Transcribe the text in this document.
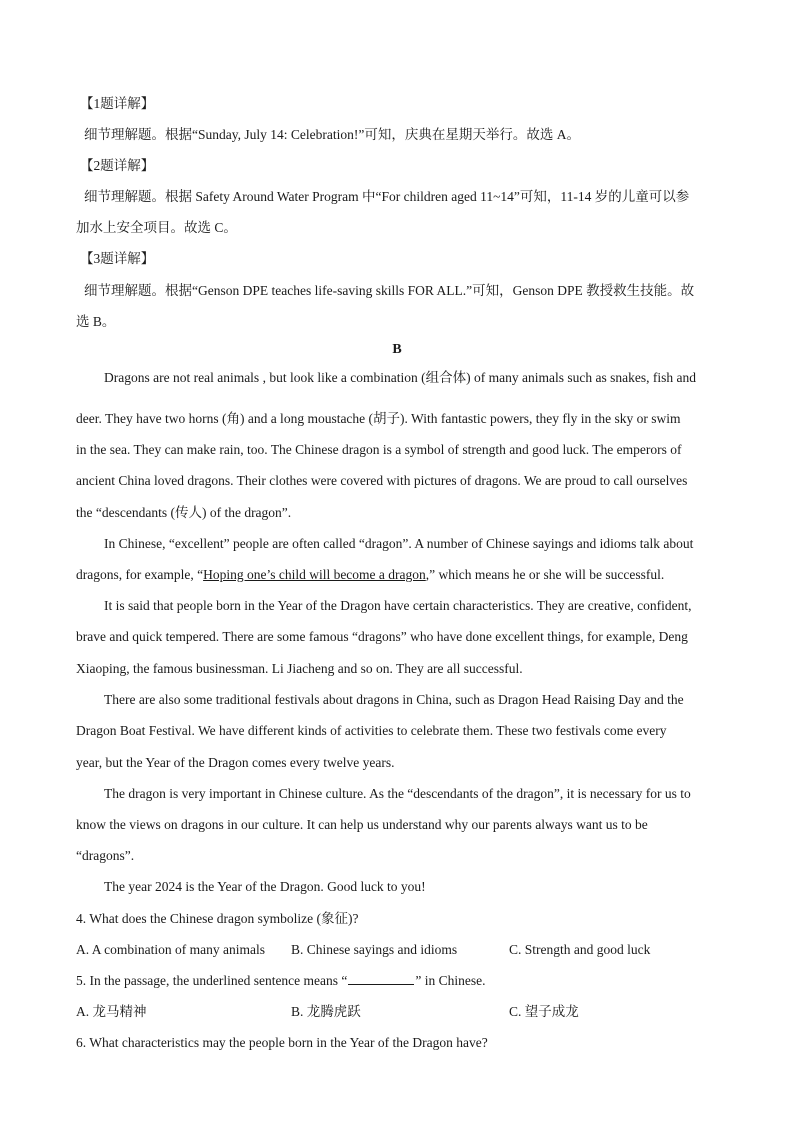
【1题详解】
细节理解题。根据“Sunday, July 14: Celebration!”可知，庆典在星期天举行。故选 A。
【2题详解】
细节理解题。根据 Safety Around Water Program 中“For children aged 11~14”可知，11-14 岁的儿童可以参
加水上安全项目。故选 C。
【3题详解】
细节理解题。根据“Genson DPE teaches life-saving skills FOR ALL.”可知，Genson DPE 教授救生技能。故
选 B。
B
Dragons are not real animals , but look like a combination (组合体) of many animals such as snakes, fish and
deer. They have two horns (角) and a long moustache (胡子). With fantastic powers, they fly in the sky or swim
in the sea. They can make rain, too. The Chinese dragon is a symbol of strength and good luck. The emperors of
ancient China loved dragons. Their clothes were covered with pictures of dragons. We are proud to call ourselves
the “descendants (传人) of the dragon”.
In Chinese, “excellent” people are often called “dragon”. A number of Chinese sayings and idioms talk about
dragons, for example, “Hoping one’s child will become a dragon,” which means he or she will be successful.
It is said that people born in the Year of the Dragon have certain characteristics. They are creative, confident,
brave and quick tempered. There are some famous “dragons” who have done excellent things, for example, Deng
Xiaoping, the famous businessman. Li Jiacheng and so on. They are all successful.
There are also some traditional festivals about dragons in China, such as Dragon Head Raising Day and the
Dragon Boat Festival. We have different kinds of activities to celebrate them. These two festivals come every
year, but the Year of the Dragon comes every twelve years.
The dragon is very important in Chinese culture. As the “descendants of the dragon”, it is necessary for us to
know the views on dragons in our culture. It can help us understand why our parents always want us to be
“dragons”.
The year 2024 is the Year of the Dragon. Good luck to you!
4. What does the Chinese dragon symbolize (象征)?
A. A combination of many animals B. Chinese sayings and idioms	C. Strength and good luck
5. In the passage, the underlined sentence means “	” in Chinese.
A. 龙马精神	B. 龙腾虎跃	C. 望子成龙
6. What characteristics may the people born in the Year of the Dragon have?
